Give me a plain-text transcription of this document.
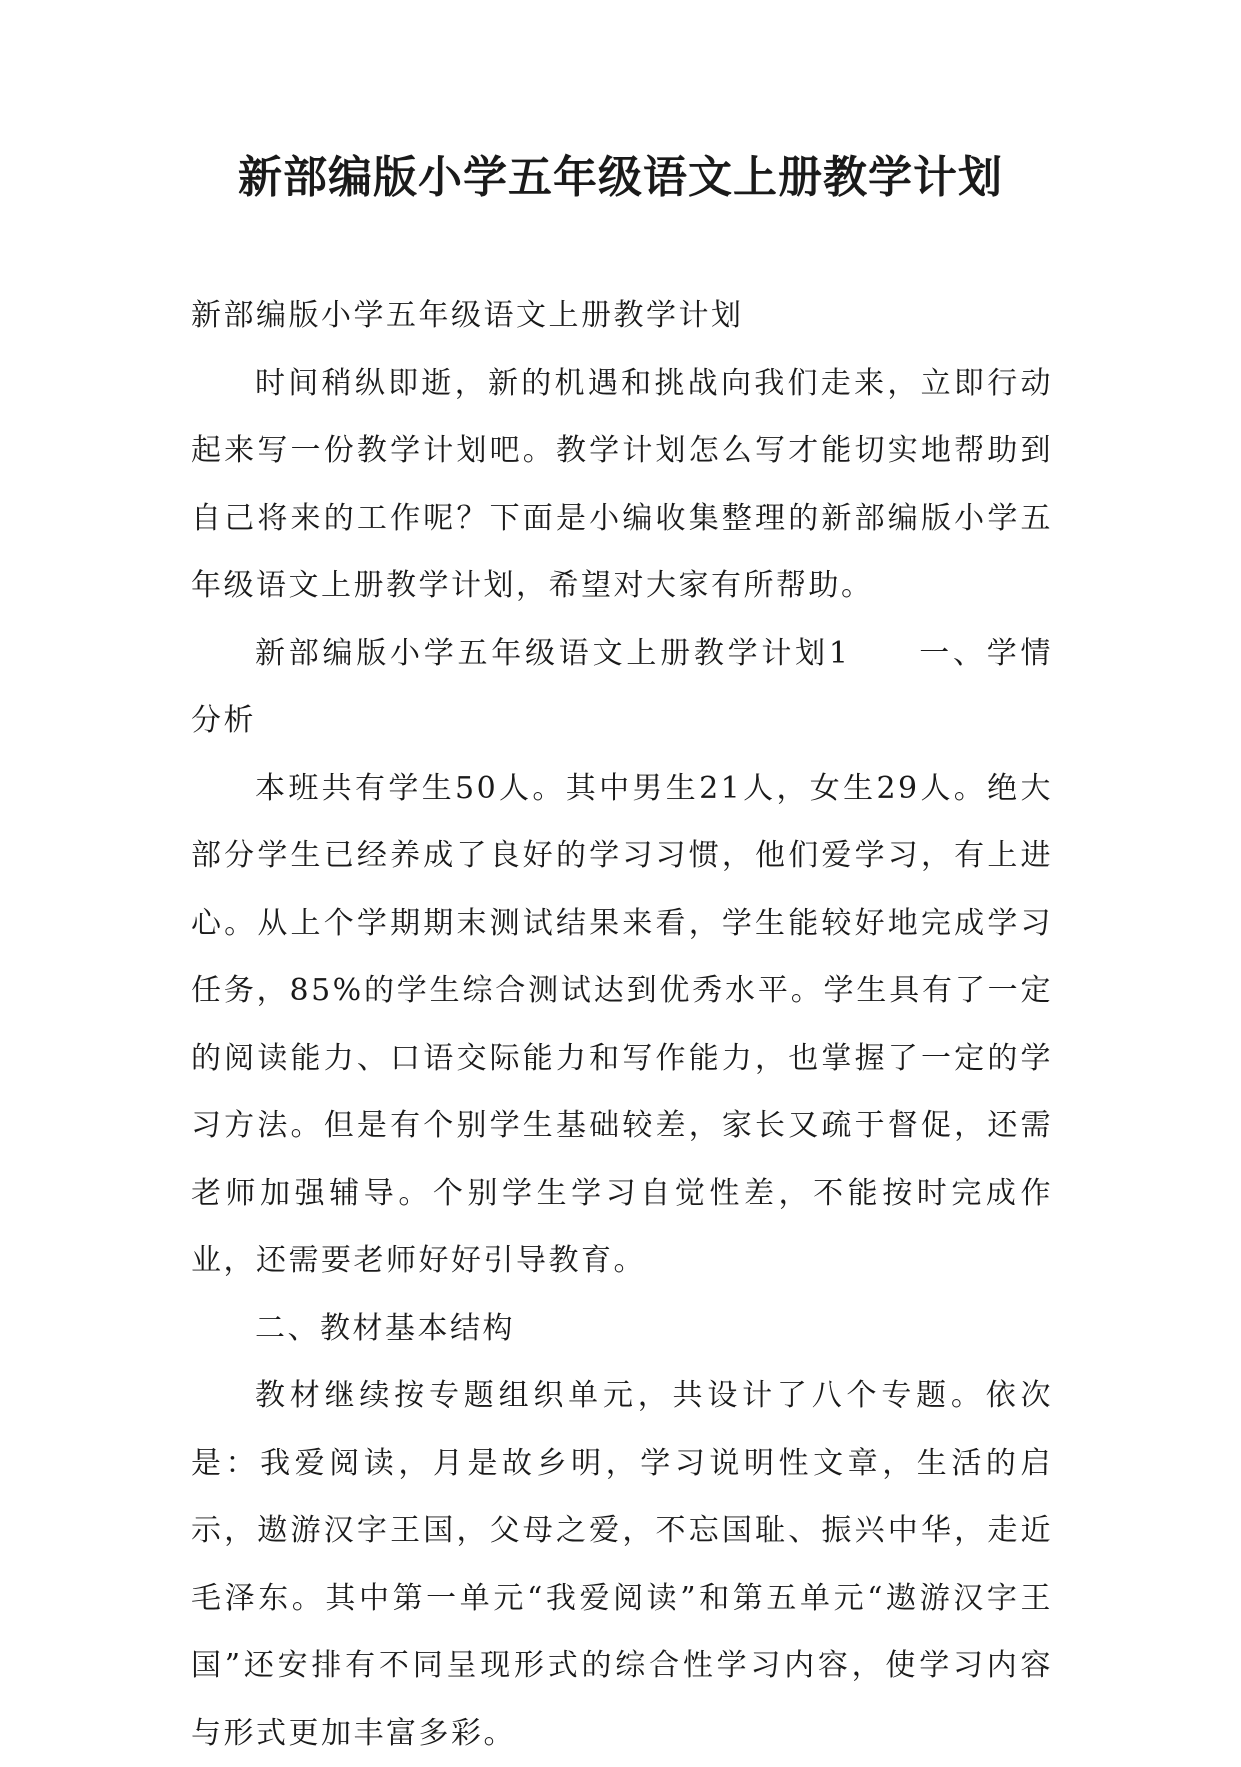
新部编版小学五年级语文上册教学计划

新部编版小学五年级语文上册教学计划

时间稍纵即逝，新的机遇和挑战向我们走来，立即行动起来写一份教学计划吧。教学计划怎么写才能切实地帮助到自己将来的工作呢？下面是小编收集整理的新部编版小学五年级语文上册教学计划，希望对大家有所帮助。

新部编版小学五年级语文上册教学计划1　　一、学情分析

本班共有学生50人。其中男生21人，女生29人。绝大部分学生已经养成了良好的学习习惯，他们爱学习，有上进心。从上个学期期末测试结果来看，学生能较好地完成学习任务，85%的学生综合测试达到优秀水平。学生具有了一定的阅读能力、口语交际能力和写作能力，也掌握了一定的学习方法。但是有个别学生基础较差，家长又疏于督促，还需老师加强辅导。个别学生学习自觉性差，不能按时完成作业，还需要老师好好引导教育。

二、教材基本结构

教材继续按专题组织单元，共设计了八个专题。依次是：我爱阅读，月是故乡明，学习说明性文章，生活的启示，遨游汉字王国，父母之爱，不忘国耻、振兴中华，走近毛泽东。其中第一单元“我爱阅读”和第五单元“遨游汉字王国”还安排有不同呈现形式的综合性学习内容，使学习内容与形式更加丰富多彩。
